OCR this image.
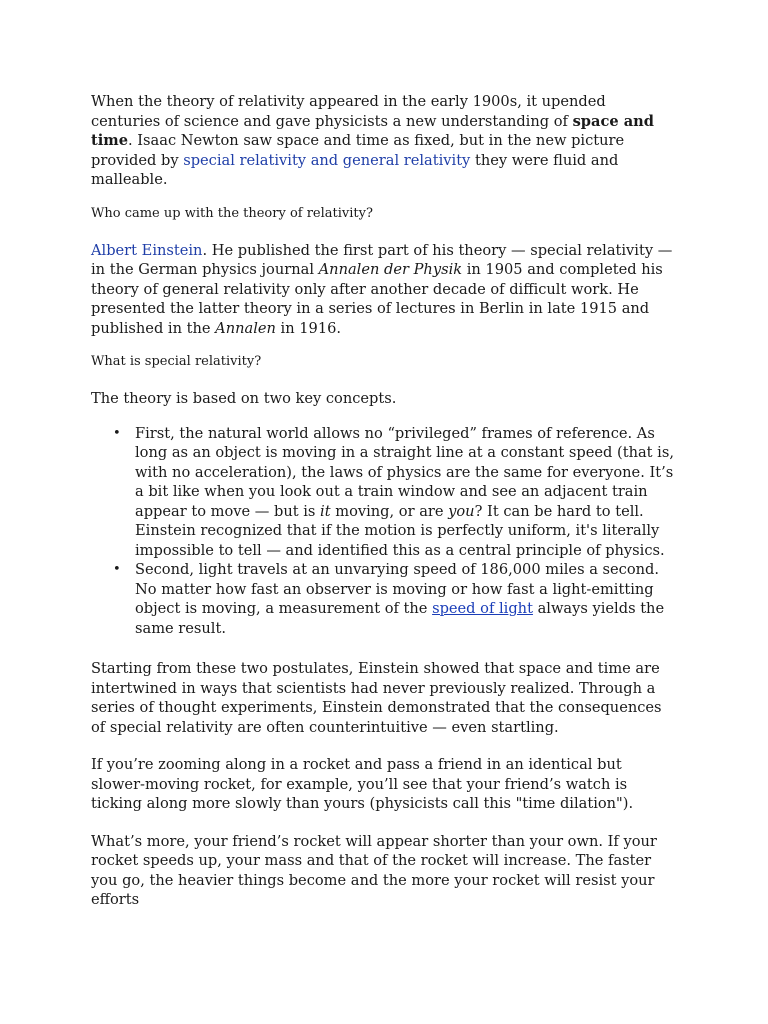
When the theory of relativity appeared in the early 1900s, it upended centuries of science and gave physicists a new understanding of space and time. Isaac Newton saw space and time as fixed, but in the new picture provided by special relativity and general relativity they were fluid and malleable.

Who came up with the theory of relativity?

Albert Einstein. He published the first part of his theory — special relativity — in the German physics journal Annalen der Physik in 1905 and completed his theory of general relativity only after another decade of difficult work. He presented the latter theory in a series of lectures in Berlin in late 1915 and published in the Annalen in 1916.

What is special relativity?

The theory is based on two key concepts.

• First, the natural world allows no “privileged” frames of reference. As long as an object is moving in a straight line at a constant speed (that is, with no acceleration), the laws of physics are the same for everyone. It’s a bit like when you look out a train window and see an adjacent train appear to move — but is it moving, or are you? It can be hard to tell. Einstein recognized that if the motion is perfectly uniform, it's literally impossible to tell — and identified this as a central principle of physics.
• Second, light travels at an unvarying speed of 186,000 miles a second. No matter how fast an observer is moving or how fast a light-emitting object is moving, a measurement of the speed of light always yields the same result.

Starting from these two postulates, Einstein showed that space and time are intertwined in ways that scientists had never previously realized. Through a series of thought experiments, Einstein demonstrated that the consequences of special relativity are often counterintuitive — even startling.

If you’re zooming along in a rocket and pass a friend in an identical but slower-moving rocket, for example, you’ll see that your friend’s watch is ticking along more slowly than yours (physicists call this "time dilation").

What’s more, your friend’s rocket will appear shorter than your own. If your rocket speeds up, your mass and that of the rocket will increase. The faster you go, the heavier things become and the more your rocket will resist your efforts
